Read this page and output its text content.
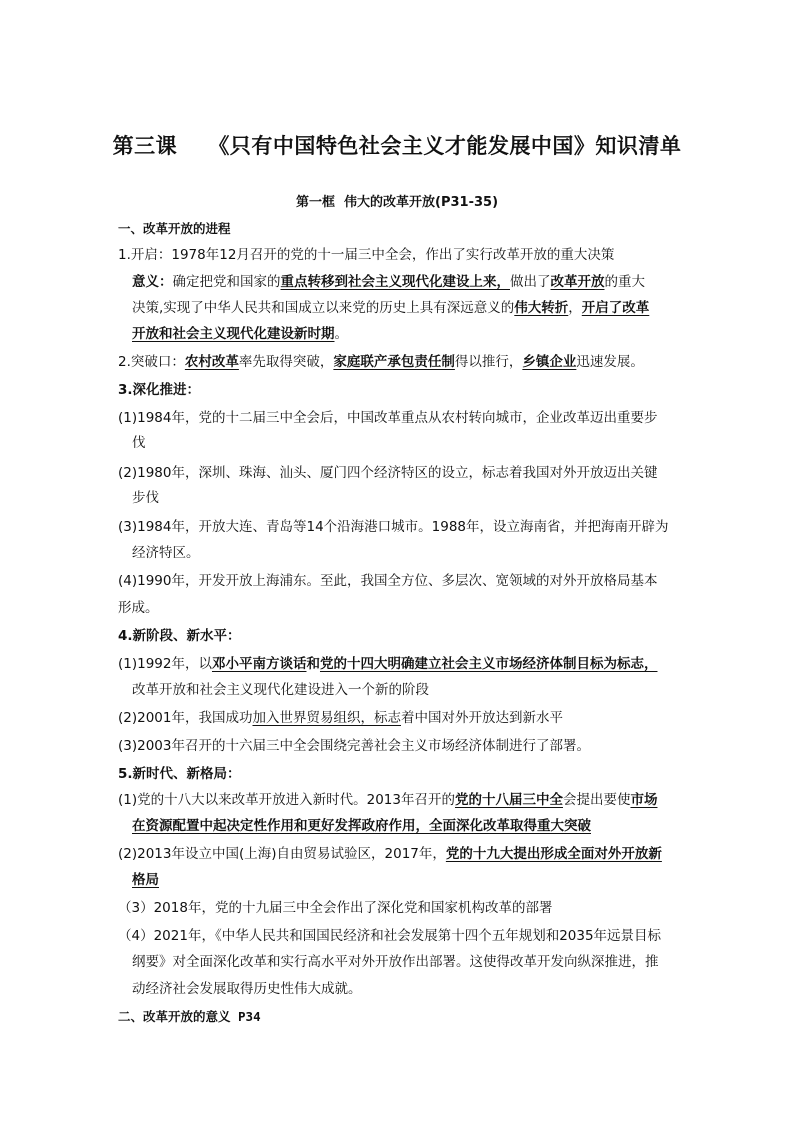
第三课    《只有中国特色社会主义才能发展中国》知识清单
第一框  伟大的改革开放(P31-35)
一、改革开放的进程
1.开启：1978年12月召开的党的十一届三中全会，作出了实行改革开放的重大决策
意义：确定把党和国家的重点转移到社会主义现代化建设上来，做出了改革开放的重大
决策,实现了中华人民共和国成立以来党的历史上具有深远意义的伟大转折，开启了改革
开放和社会主义现代化建设新时期。
2.突破口：农村改革率先取得突破，家庭联产承包责任制得以推行，乡镇企业迅速发展。
3.深化推进：
(1)1984年，党的十二届三中全会后，中国改革重点从农村转向城市，企业改革迈出重要步
伐
(2)1980年，深圳、珠海、汕头、厦门四个经济特区的设立，标志着我国对外开放迈出关键
步伐
(3)1984年，开放大连、青岛等14个沿海港口城市。1988年，设立海南省，并把海南开辟为
经济特区。
(4)1990年，开发开放上海浦东。至此，我国全方位、多层次、宽领域的对外开放格局基本
形成。
4.新阶段、新水平：
(1)1992年，以邓小平南方谈话和党的十四大明确建立社会主义市场经济体制目标为标志，
改革开放和社会主义现代化建设进入一个新的阶段
(2)2001年，我国成功加入世界贸易组织，标志着中国对外开放达到新水平
(3)2003年召开的十六届三中全会围绕完善社会主义市场经济体制进行了部署。
5.新时代、新格局：
(1)党的十八大以来改革开放进入新时代。2013年召开的党的十八届三中全会提出要使市场
在资源配置中起决定性作用和更好发挥政府作用，全面深化改革取得重大突破
(2)2013年设立中国(上海)自由贸易试验区，2017年，党的十九大提出形成全面对外开放新
格局
（3）2018年，党的十九届三中全会作出了深化党和国家机构改革的部署
（4）2021年，《中华人民共和国国民经济和社会发展第十四个五年规划和2035年远景目标
纲要》对全面深化改革和实行高水平对外开放作出部署。这使得改革开发向纵深推进，推
动经济社会发展取得历史性伟大成就。
二、改革开放的意义 P34
